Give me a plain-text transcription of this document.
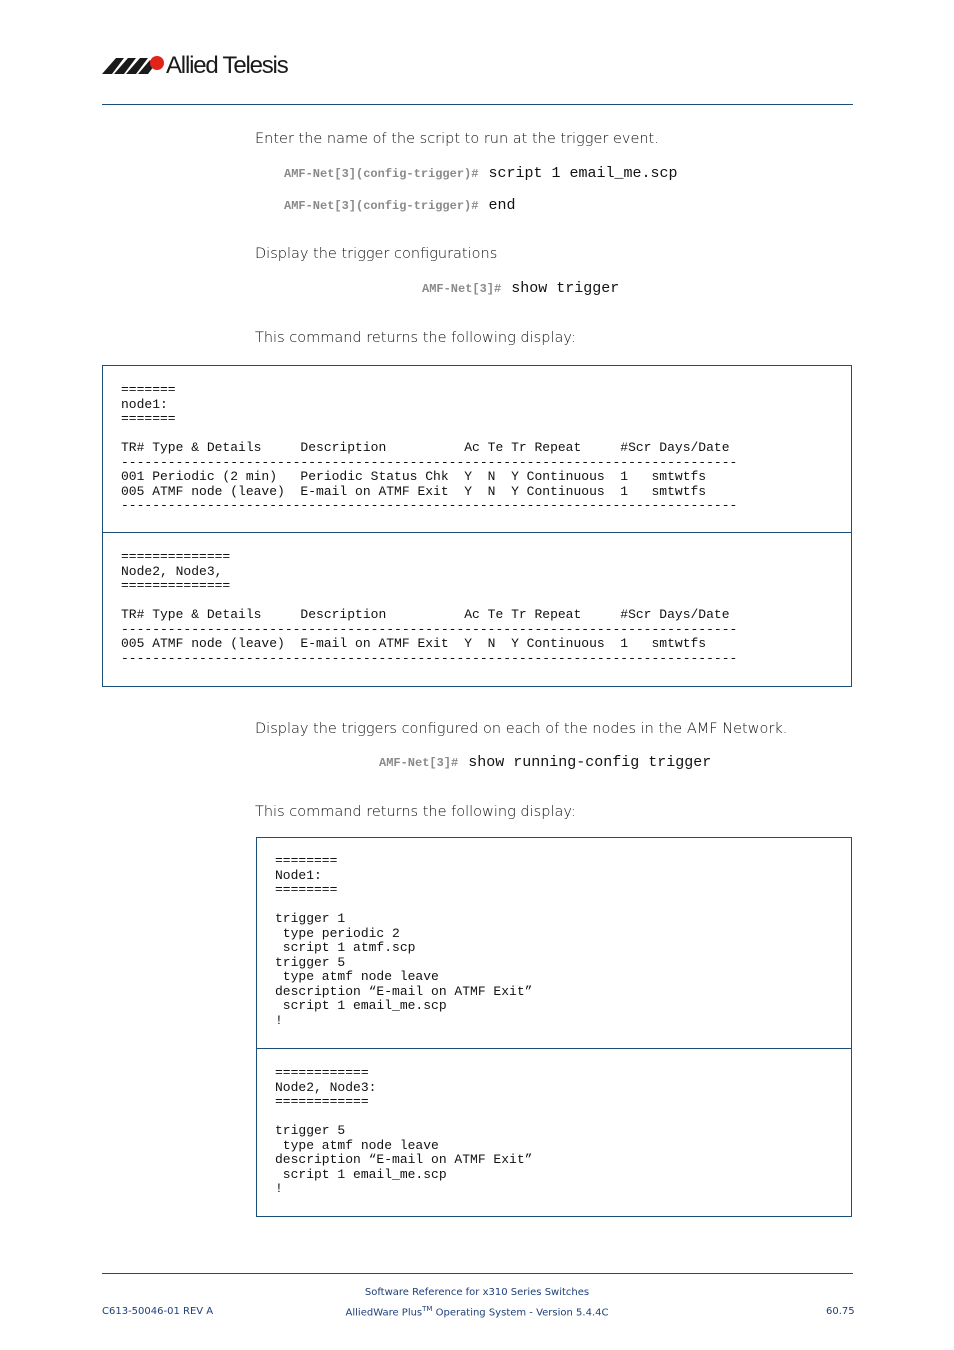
Allied Telesis
Enter the name of the script to run at the trigger event.
AMF-Net[3](config-trigger)# script 1 email_me.scp
AMF-Net[3](config-trigger)# end
Display the trigger configurations
AMF-Net[3]# show trigger
This command returns the following display:
=======
node1:
=======

TR# Type & Details     Description          Ac Te Tr Repeat     #Scr Days/Date
-------------------------------------------------------------------------------
001 Periodic (2 min)   Periodic Status Chk  Y  N  Y Continuous  1   smtwtfs
005 ATMF node (leave)  E-mail on ATMF Exit  Y  N  Y Continuous  1   smtwtfs
-------------------------------------------------------------------------------
==============
Node2, Node3,
==============

TR# Type & Details     Description          Ac Te Tr Repeat     #Scr Days/Date
-------------------------------------------------------------------------------
005 ATMF node (leave)  E-mail on ATMF Exit  Y  N  Y Continuous  1   smtwtfs
-------------------------------------------------------------------------------
Display the triggers configured on each of the nodes in the AMF Network.
AMF-Net[3]# show running-config trigger
This command returns the following display:
========
Node1:
========

trigger 1
type periodic 2
script 1 atmf.scp
trigger 5
type atmf node leave
description “E-mail on ATMF Exit”
script 1 email_me.scp
!
============
Node2, Node3:
============

trigger 5
type atmf node leave
description “E-mail on ATMF Exit”
script 1 email_me.scp
!
Software Reference for x310 Series Switches
AlliedWare Plus™ Operating System - Version 5.4.4C
C613-50046-01 REV A	60.75
